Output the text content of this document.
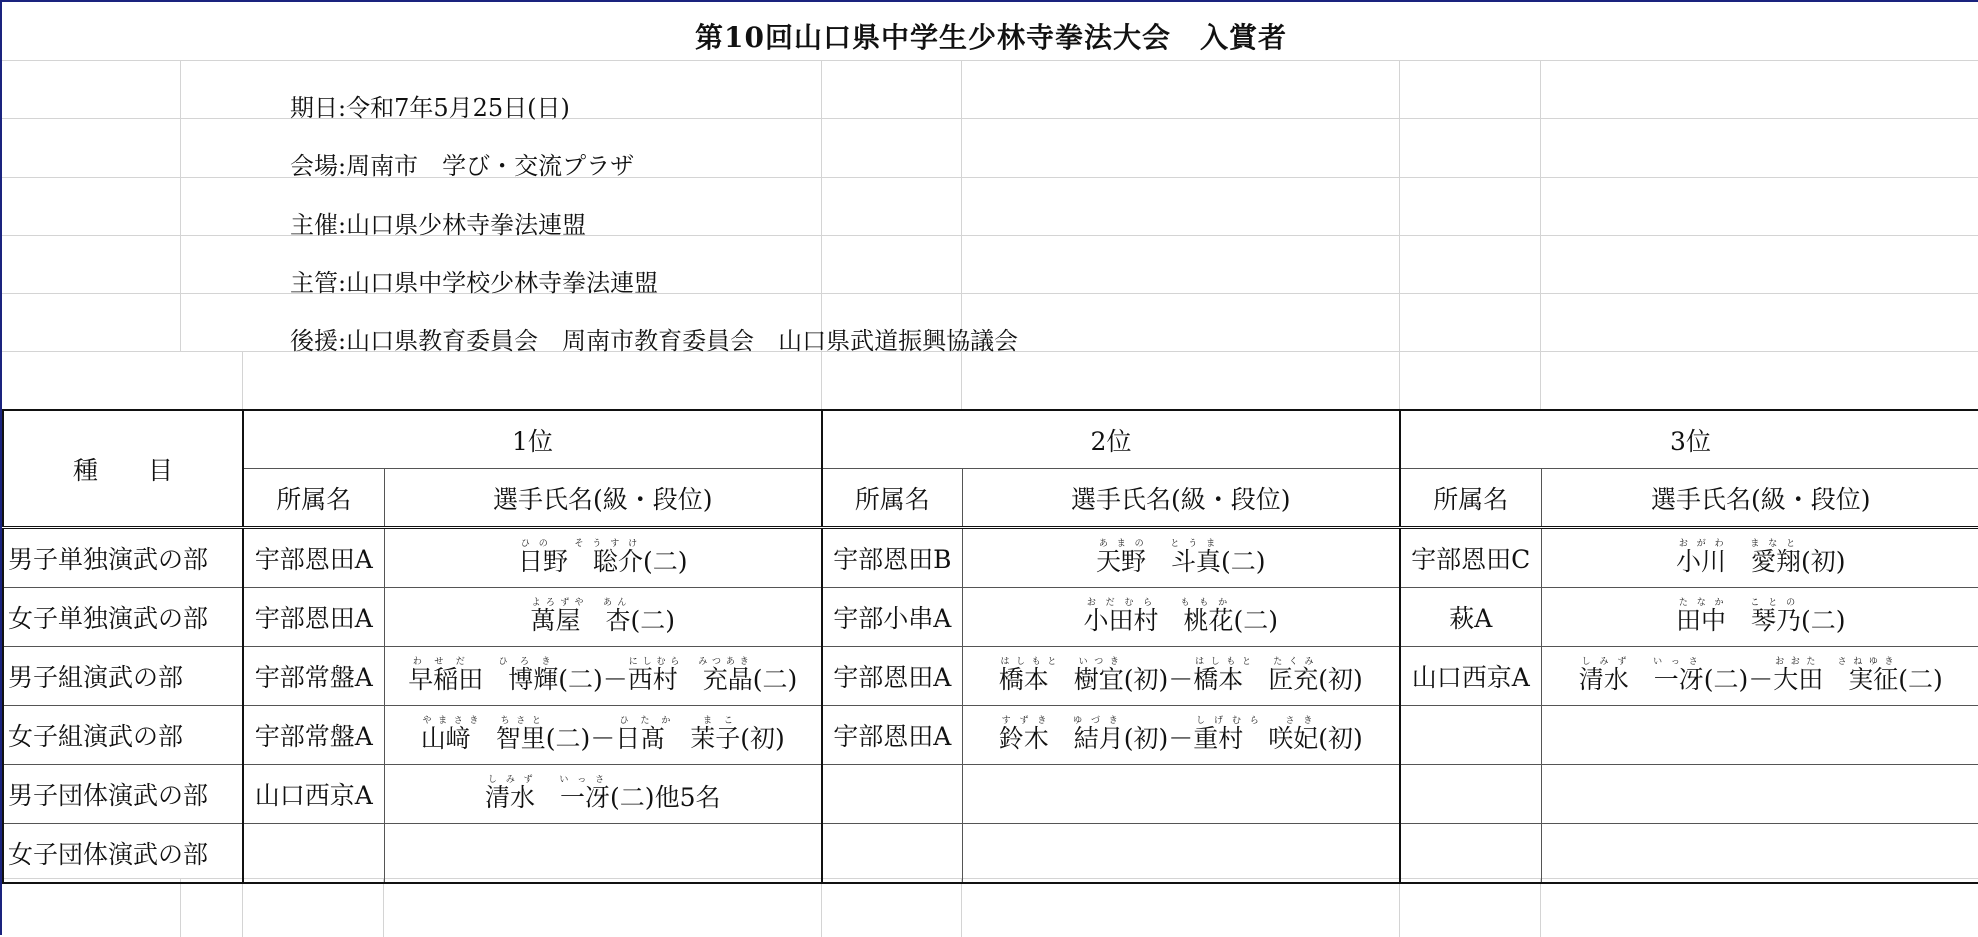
第10回山口県中学生少林寺拳法大会　入賞者
期日:令和7年5月25日(日)
会場:周南市　学び・交流プラザ
主催:山口県少林寺拳法連盟
主管:山口県中学校少林寺拳法連盟
後援:山口県教育委員会　周南市教育委員会　山口県武道振興協議会
種　　目	1位		2位		3位	
	所属名	選手氏名(級・段位)	所属名	選手氏名(級・段位)	所属名	選手氏名(級・段位)
男子単独演武の部	宇部恩田A	日野　聡介ひの　そうすけ(二)	宇部恩田B	天野　斗真あまの　とうま(二)	宇部恩田C	小川　愛翔おがわ　まなと(初)
女子単独演武の部	宇部恩田A	萬屋　杏よろずや　あん(二)	宇部小串A	小田村　桃花おだむら　ももか(二)	萩A	田中　琴乃たなか　ことの(二)
男子組演武の部	宇部常盤A	早稲田　博輝わせだ　ひろき(二)－西村　充晶にしむら　みつあき(二)	宇部恩田A	橋本　樹宜はしもと　いつき(初)－橋本　匠充はしもと　たくみ(初)	山口西京A	清水　一冴しみず　いっさ(二)－大田　実征おおた　さねゆき(二)
女子組演武の部	宇部常盤A	山﨑　智里やまさき　ちさと(二)－日髙　茉子ひたか　まこ(初)	宇部恩田A	鈴木　結月すずき　ゆづき(初)－重村　咲妃しげむら　さき(初)		
男子団体演武の部	山口西京A	清水　一冴しみず　いっさ(二)他5名				
女子団体演武の部						
